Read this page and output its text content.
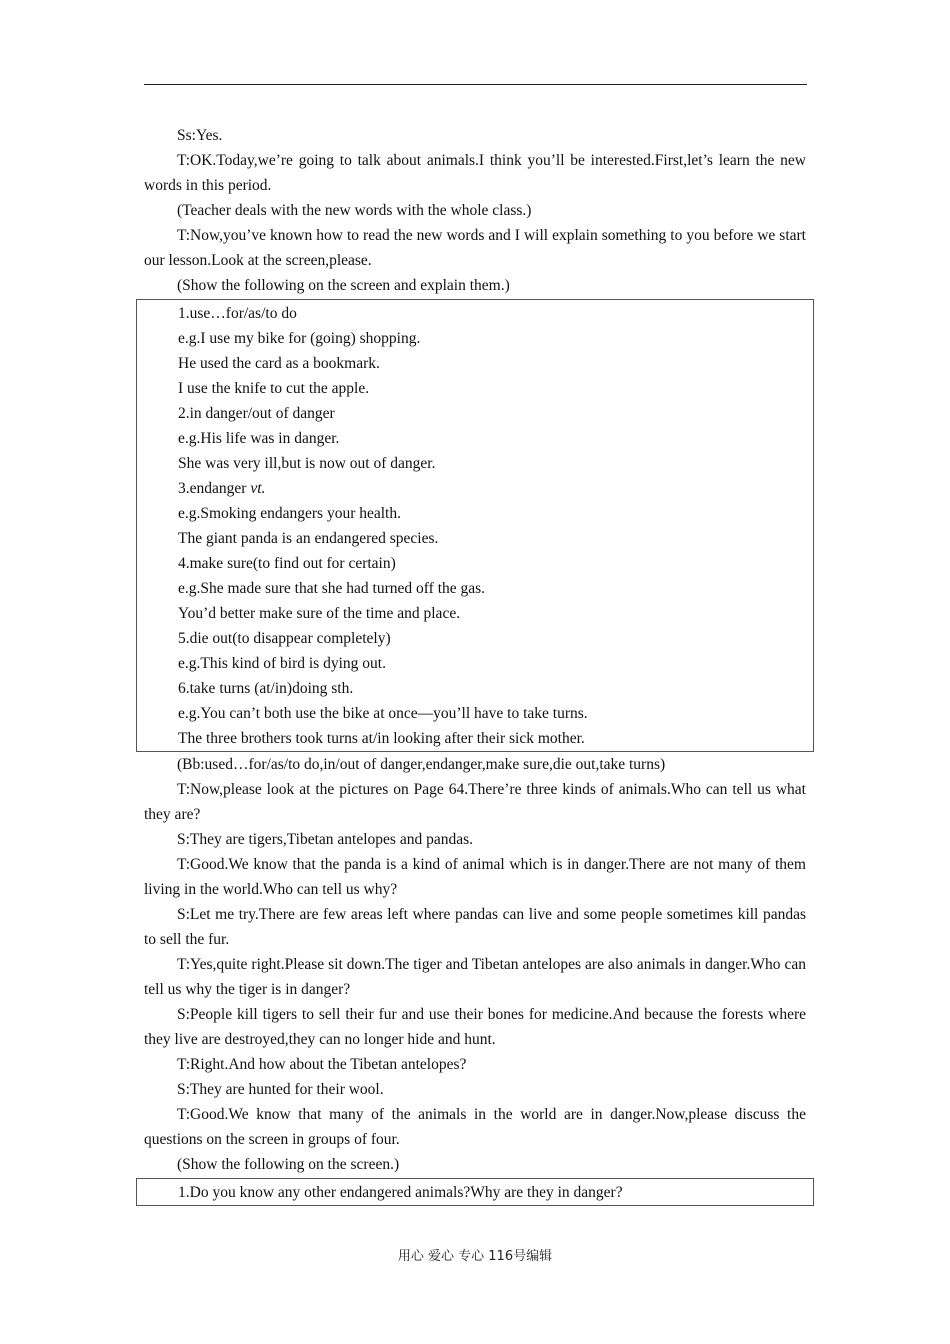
Ss:Yes.

T:OK.Today,we’re going to talk about animals.I think you’ll be interested.First,let’s learn the new words in this period.

(Teacher deals with the new words with the whole class.)

T:Now,you’ve known how to read the new words and I will explain something to you before we start our lesson.Look at the screen,please.

(Show the following on the screen and explain them.)

1.use…for/as/to do

e.g.I use my bike for (going) shopping.

He used the card as a bookmark.

I use the knife to cut the apple.

2.in danger/out of danger

e.g.His life was in danger.

She was very ill,but is now out of danger.

3.endanger vt.

e.g.Smoking endangers your health.

The giant panda is an endangered species.

4.make sure(to find out for certain)

e.g.She made sure that she had turned off the gas.

You’d better make sure of the time and place.

5.die out(to disappear completely)

e.g.This kind of bird is dying out.

6.take turns (at/in)doing sth.

e.g.You can’t both use the bike at once—you’ll have to take turns.

The three brothers took turns at/in looking after their sick mother.

(Bb:used…for/as/to do,in/out of danger,endanger,make sure,die out,take turns)

T:Now,please look at the pictures on Page 64.There’re three kinds of animals.Who can tell us what they are?

S:They are tigers,Tibetan antelopes and pandas.

T:Good.We know that the panda is a kind of animal which is in danger.There are not many of them living in the world.Who can tell us why?

S:Let me try.There are few areas left where pandas can live and some people sometimes kill pandas to sell the fur.

T:Yes,quite right.Please sit down.The tiger and Tibetan antelopes are also animals in danger.Who can tell us why the tiger is in danger?

S:People kill tigers to sell their fur and use their bones for medicine.And because the forests where they live are destroyed,they can no longer hide and hunt.

T:Right.And how about the Tibetan antelopes?

S:They are hunted for their wool.

T:Good.We know that many of the animals in the world are in danger.Now,please discuss the questions on the screen in groups of four.

(Show the following on the screen.)

1.Do you know any other endangered animals?Why are they in danger?

用心 爱心 专心 116号编辑
